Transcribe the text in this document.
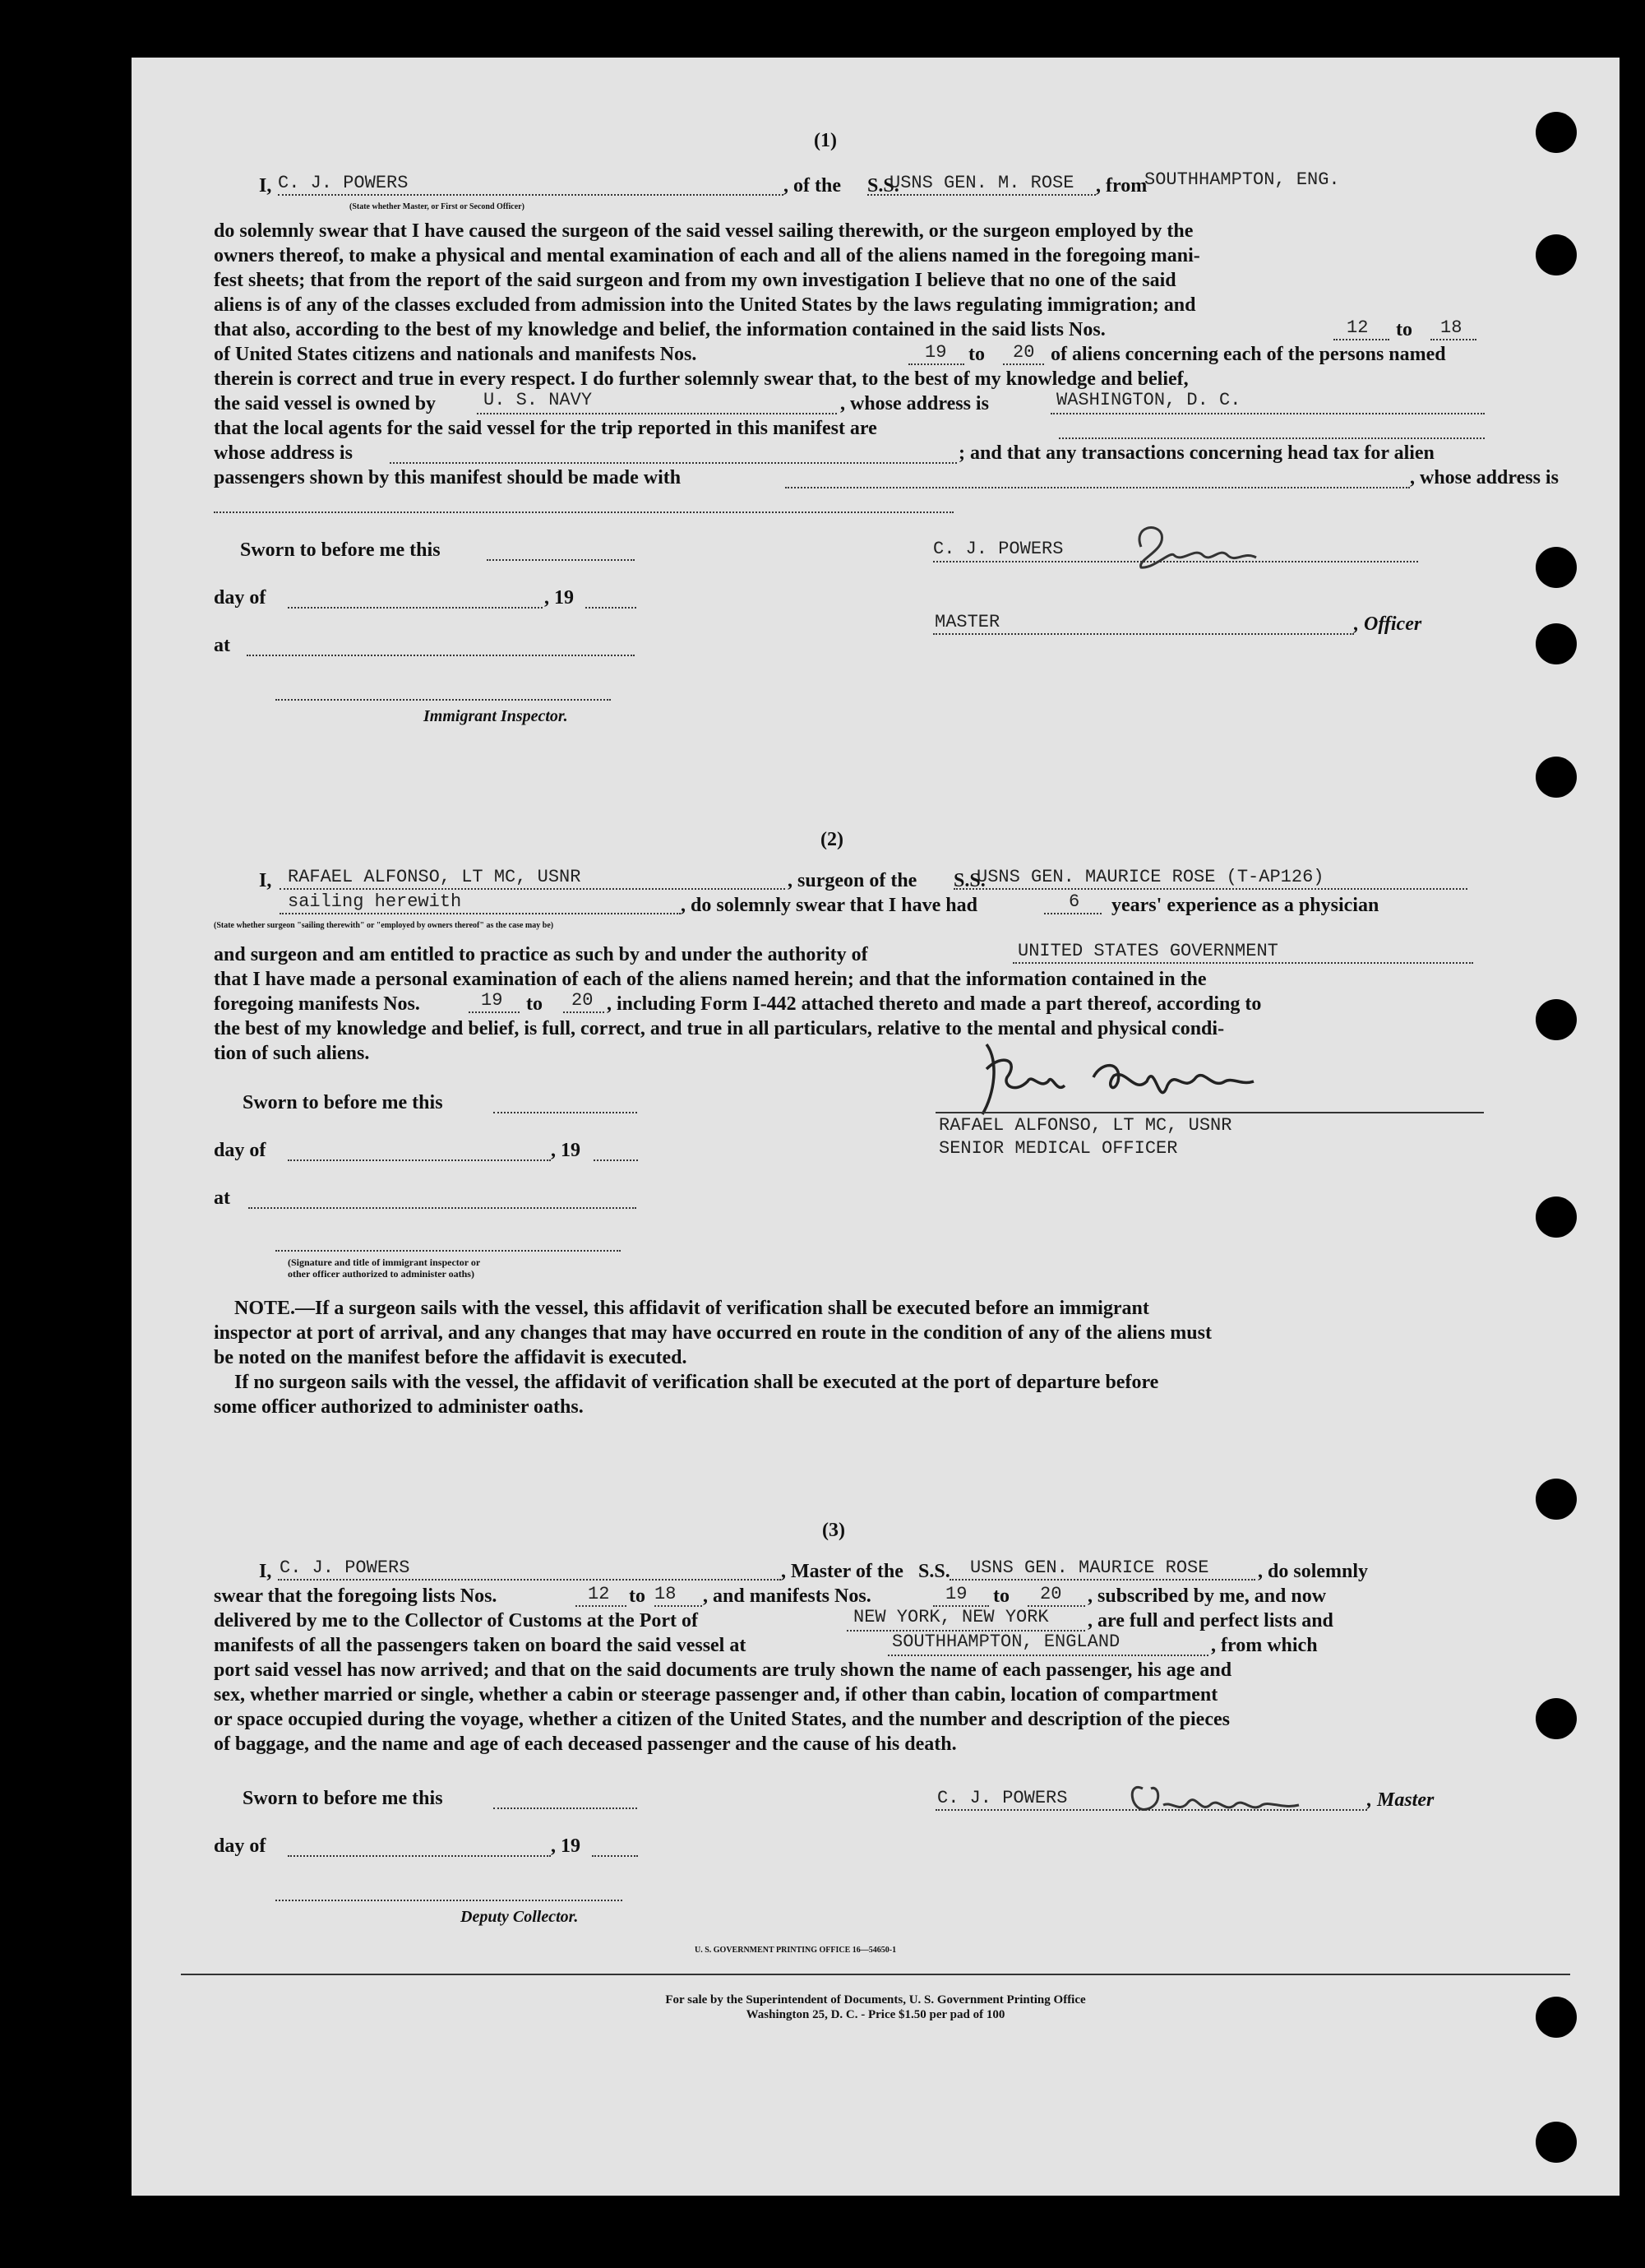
(1)
I, C. J. POWERS
(State whether Master, or First or Second Officer)
, of the S.S.
USNS GEN. M. ROSE , from
SOUTHHAMPTON, ENG.
do solemnly swear that I have caused the surgeon of the said vessel sailing therewith, or the surgeon employed by the
owners thereof, to make a physical and mental examination of each and all of the aliens named in the foregoing mani-
fest sheets; that from the report of the said surgeon and from my own investigation I believe that no one of the said
aliens is of any of the classes excluded from admission into the United States by the laws regulating immigration; and
that also, according to the best of my knowledge and belief, the information contained in the said lists Nos.	12 to 18
of United States citizens and nationals and manifests Nos.	19 to 20 of aliens concerning each of the persons named
therein is correct and true in every respect. I do further solemnly swear that, to the best of my knowledge and belief,
the said vessel is owned by	U. S. NAVY	, whose address is	WASHINGTON, D. C.
that the local agents for the said vessel for the trip reported in this manifest are
whose address is	; and that any transactions concerning head tax for alien
passengers shown by this manifest should be made with	, whose address is
Sworn to before me this
day of	, 19
at
Immigrant Inspector.
C. J. POWERS
MASTER	, Officer
(2)
I, RAFAEL ALFONSO, LT MC, USNR	, surgeon of the S.S.
USNS GEN. MAURICE ROSE (T-AP126)
sailing herewith	, do solemnly swear that I have had	6 years' experience as a physician
(State whether surgeon "sailing therewith" or "employed by owners thereof" as the case may be)
and surgeon and am entitled to practice as such by and under the authority of	UNITED STATES GOVERNMENT
that I have made a personal examination of each of the aliens named herein; and that the information contained in the
foregoing manifests Nos.	19 to 20 , including Form I-442 attached thereto and made a part thereof, according to
the best of my knowledge and belief, is full, correct, and true in all particulars, relative to the mental and physical condi-
tion of such aliens.
Sworn to before me this
day of	, 19
at
(Signature and title of immigrant inspector or
other officer authorized to administer oaths)
RAFAEL ALFONSO, LT MC, USNR
SENIOR MEDICAL OFFICER
NOTE.—If a surgeon sails with the vessel, this affidavit of verification shall be executed before an immigrant
inspector at port of arrival, and any changes that may have occurred en route in the condition of any of the aliens must
be noted on the manifest before the affidavit is executed.
If no surgeon sails with the vessel, the affidavit of verification shall be executed at the port of departure before
some officer authorized to administer oaths.
(3)
I, C. J. POWERS	, Master of the S.S. USNS GEN. MAURICE ROSE , do solemnly
swear that the foregoing lists Nos.	12 to 18 , and manifests Nos.	19 to 20 , subscribed by me, and now
delivered by me to the Collector of Customs at the Port of	NEW YORK, NEW YORK , are full and perfect lists and
manifests of all the passengers taken on board the said vessel at	SOUTHHAMPTON, ENGLAND	, from which
port said vessel has now arrived; and that on the said documents are truly shown the name of each passenger, his age and
sex, whether married or single, whether a cabin or steerage passenger and, if other than cabin, location of compartment
or space occupied during the voyage, whether a citizen of the United States, and the number and description of the pieces
of baggage, and the name and age of each deceased passenger and the cause of his death.
Sworn to before me this
day of	, 19
Deputy Collector.
C. J. POWERS	, Master
U. S. GOVERNMENT PRINTING OFFICE 16—54650-1
For sale by the Superintendent of Documents, U. S. Government Printing Office
Washington 25, D. C. - Price $1.50 per pad of 100
